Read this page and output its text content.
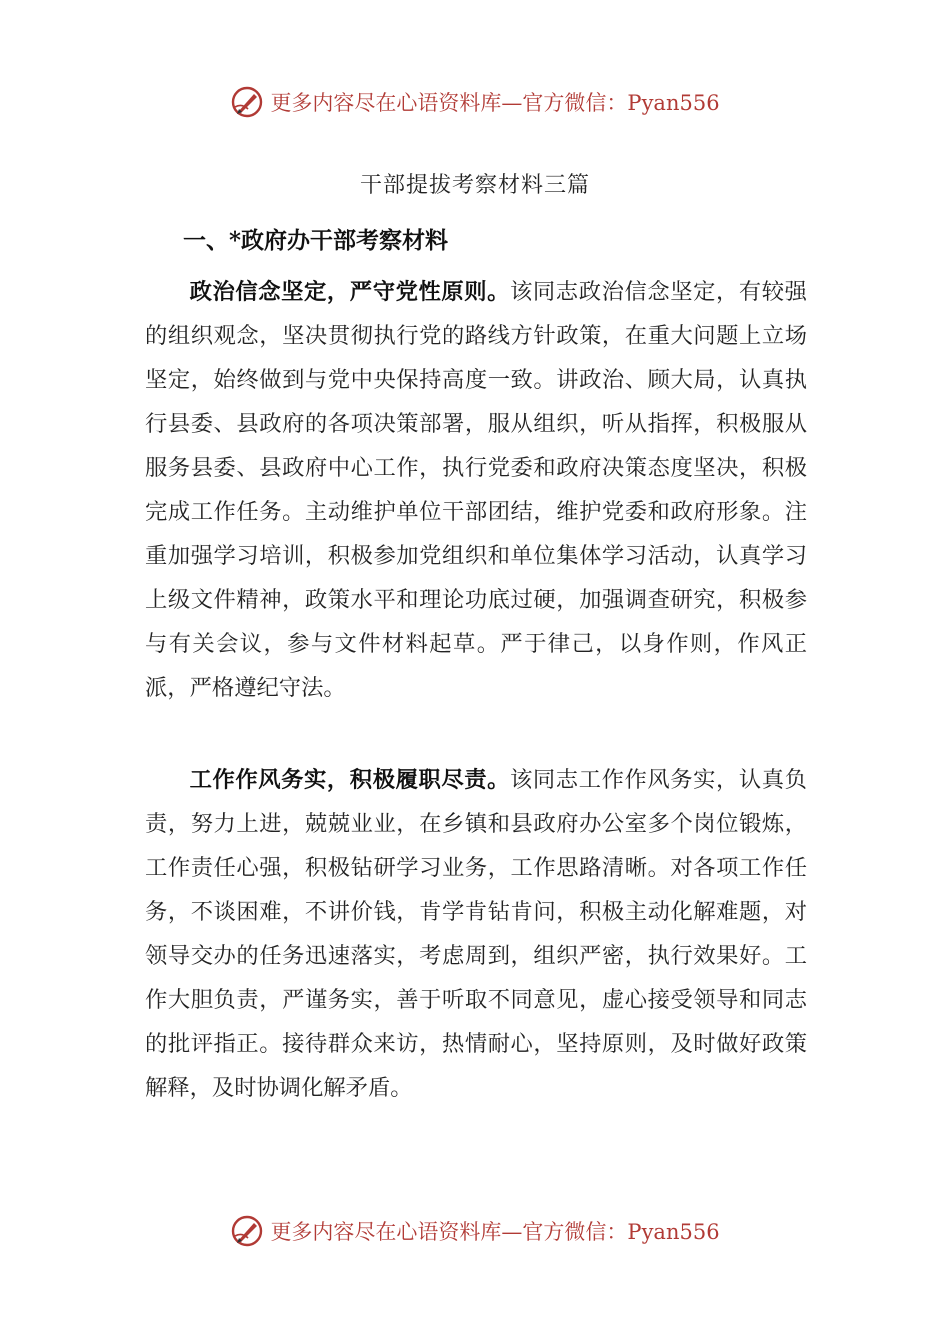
更多内容尽在心语资料库—官方微信：Pyan556
干部提拔考察材料三篇
一、*政府办干部考察材料

政治信念坚定，严守党性原则。该同志政治信念坚定，有较强的组织观念，坚决贯彻执行党的路线方针政策，在重大问题上立场坚定，始终做到与党中央保持高度一致。讲政治、顾大局，认真执行县委、县政府的各项决策部署，服从组织，听从指挥，积极服从服务县委、县政府中心工作，执行党委和政府决策态度坚决，积极完成工作任务。主动维护单位干部团结，维护党委和政府形象。注重加强学习培训，积极参加党组织和单位集体学习活动，认真学习上级文件精神，政策水平和理论功底过硬，加强调查研究，积极参与有关会议，参与文件材料起草。严于律己，以身作则，作风正派，严格遵纪守法。

工作作风务实，积极履职尽责。该同志工作作风务实，认真负责，努力上进，兢兢业业，在乡镇和县政府办公室多个岗位锻炼，工作责任心强，积极钻研学习业务，工作思路清晰。对各项工作任务，不谈困难，不讲价钱，肯学肯钻肯问，积极主动化解难题，对领导交办的任务迅速落实，考虑周到，组织严密，执行效果好。工作大胆负责，严谨务实，善于听取不同意见，虚心接受领导和同志的批评指正。接待群众来访，热情耐心，坚持原则，及时做好政策解释，及时协调化解矛盾。

更多内容尽在心语资料库—官方微信：Pyan556
